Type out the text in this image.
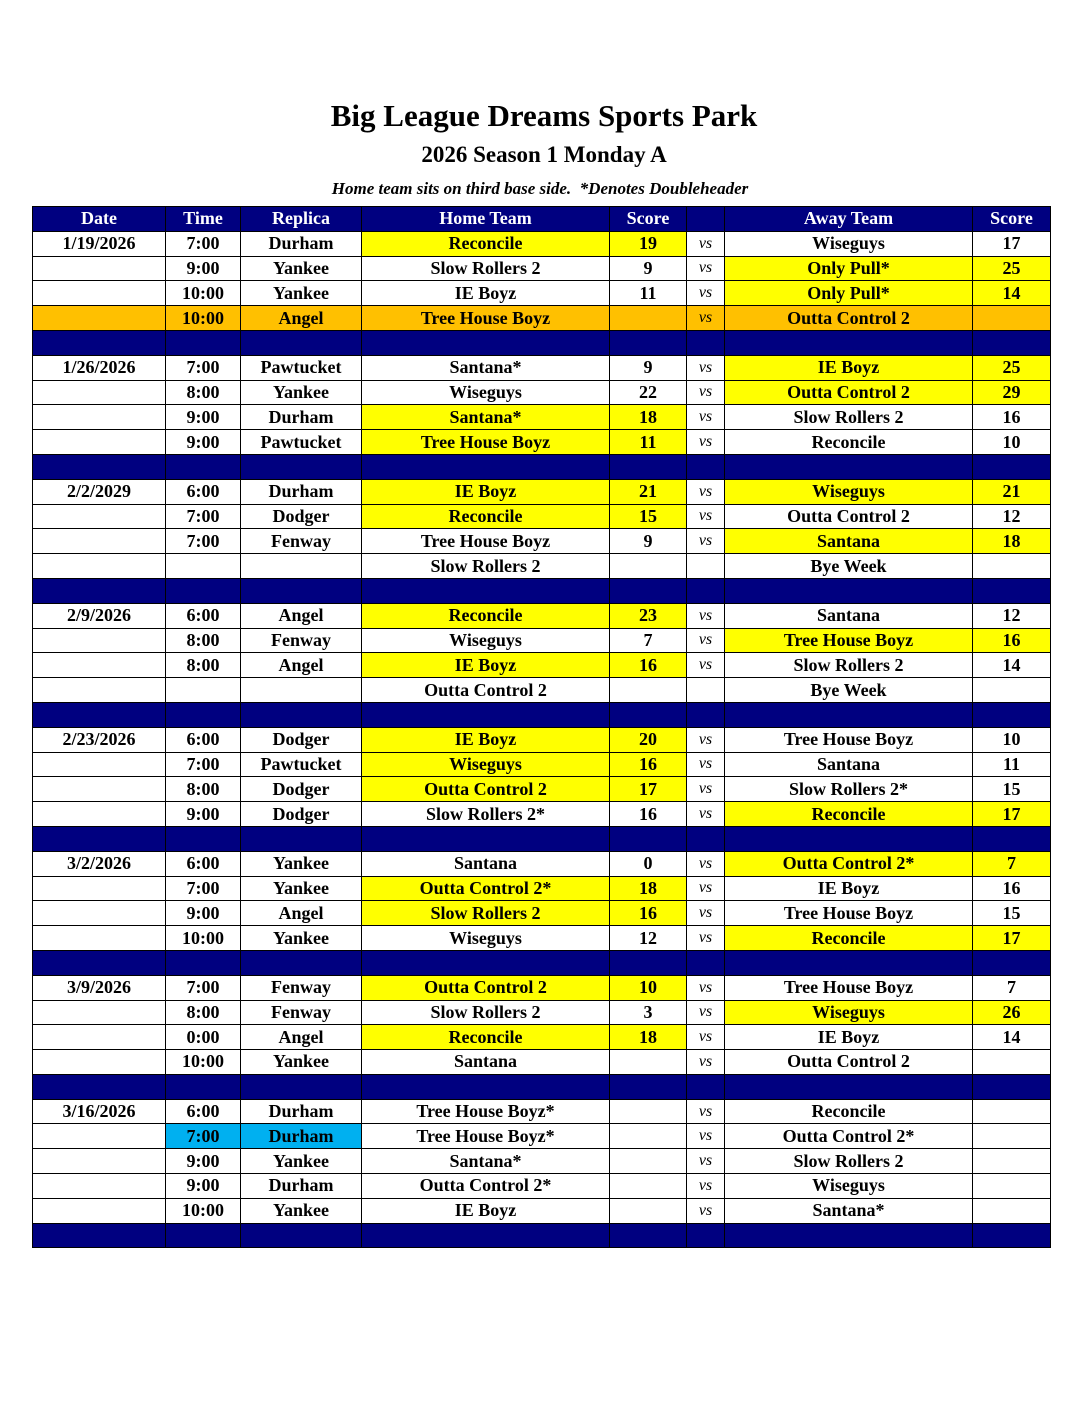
Big League Dreams Sports Park
2026 Season 1 Monday A
Home team sits on third base side.  *Denotes Doubleheader
Date	Time	Replica	Home Team	Score		Away Team	Score
1/19/2026	7:00	Durham	Reconcile	19	vs	Wiseguys	17
	9:00	Yankee	Slow Rollers 2	9	vs	Only Pull*	25
	10:00	Yankee	IE Boyz	11	vs	Only Pull*	14
	10:00	Angel	Tree House Boyz		vs	Outta Control 2	

1/26/2026	7:00	Pawtucket	Santana*	9	vs	IE Boyz	25
	8:00	Yankee	Wiseguys	22	vs	Outta Control 2	29
	9:00	Durham	Santana*	18	vs	Slow Rollers 2	16
	9:00	Pawtucket	Tree House Boyz	11	vs	Reconcile	10

2/2/2029	6:00	Durham	IE Boyz	21	vs	Wiseguys	21
	7:00	Dodger	Reconcile	15	vs	Outta Control 2	12
	7:00	Fenway	Tree House Boyz	9	vs	Santana	18
			Slow Rollers 2			Bye Week	

2/9/2026	6:00	Angel	Reconcile	23	vs	Santana	12
	8:00	Fenway	Wiseguys	7	vs	Tree House Boyz	16
	8:00	Angel	IE Boyz	16	vs	Slow Rollers 2	14
			Outta Control 2			Bye Week	

2/23/2026	6:00	Dodger	IE Boyz	20	vs	Tree House Boyz	10
	7:00	Pawtucket	Wiseguys	16	vs	Santana	11
	8:00	Dodger	Outta Control 2	17	vs	Slow Rollers 2*	15
	9:00	Dodger	Slow Rollers 2*	16	vs	Reconcile	17

3/2/2026	6:00	Yankee	Santana	0	vs	Outta Control 2*	7
	7:00	Yankee	Outta Control 2*	18	vs	IE Boyz	16
	9:00	Angel	Slow Rollers 2	16	vs	Tree House Boyz	15
	10:00	Yankee	Wiseguys	12	vs	Reconcile	17

3/9/2026	7:00	Fenway	Outta Control 2	10	vs	Tree House Boyz	7
	8:00	Fenway	Slow Rollers 2	3	vs	Wiseguys	26
	0:00	Angel	Reconcile	18	vs	IE Boyz	14
	10:00	Yankee	Santana		vs	Outta Control 2	

3/16/2026	6:00	Durham	Tree House Boyz*		vs	Reconcile	
	7:00	Durham	Tree House Boyz*		vs	Outta Control 2*	
	9:00	Yankee	Santana*		vs	Slow Rollers 2	
	9:00	Durham	Outta Control 2*		vs	Wiseguys	
	10:00	Yankee	IE Boyz		vs	Santana*	
